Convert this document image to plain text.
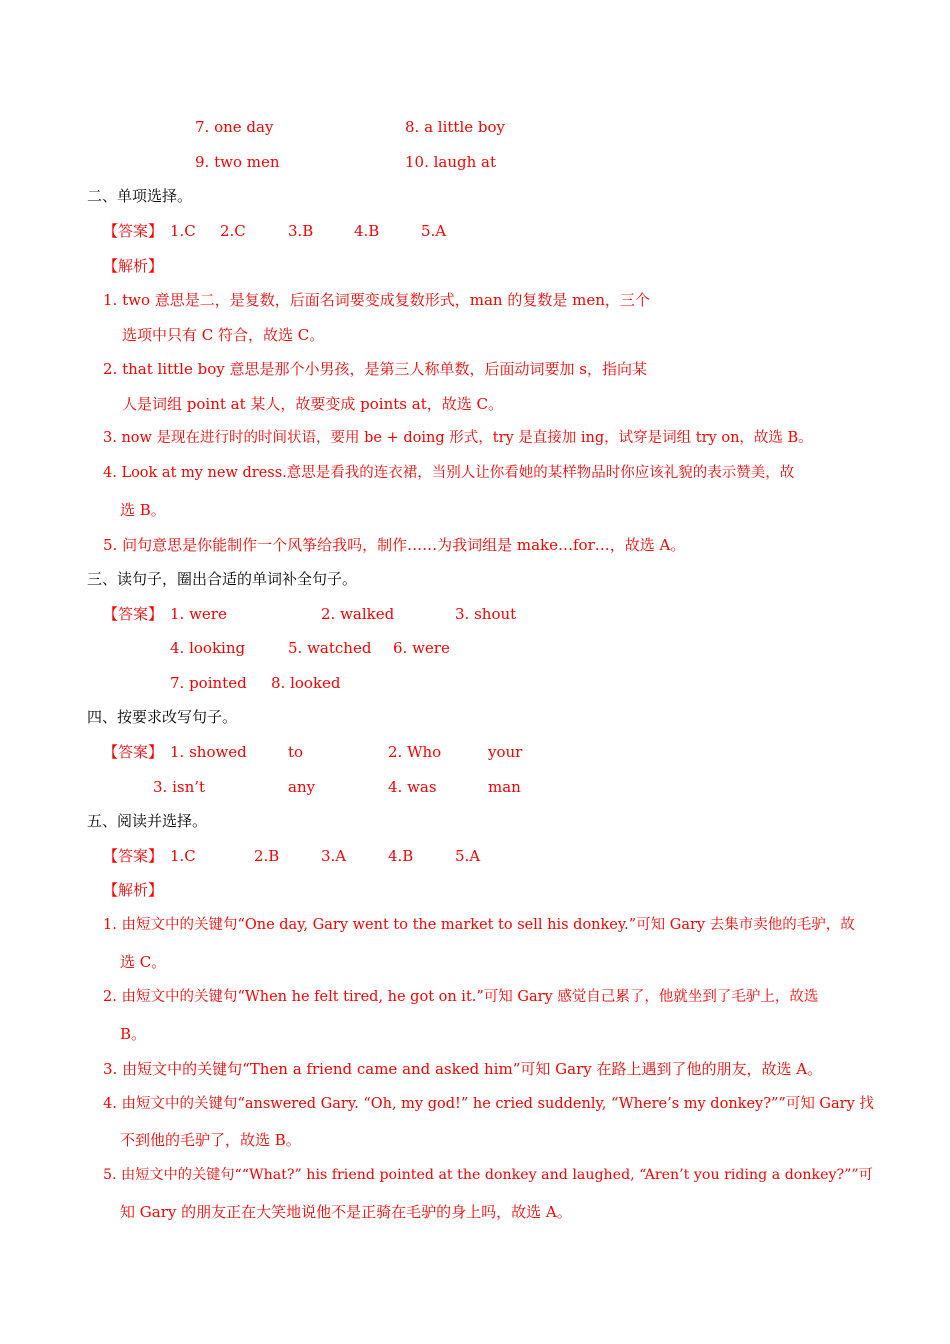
7. one day	8. a little boy
9. two men	10. laugh at
二、单项选择。
【答案】 1.C 2.C	3.B	4.B	5.A
【解析】
1. two 意思是二，是复数，后面名词要变成复数形式，man 的复数是 men，三个
选项中只有 C 符合，故选 C。
2. that little boy 意思是那个小男孩，是第三人称单数，后面动词要加 s，指向某
人是词组 point at 某人，故要变成 points at，故选 C。
3. now 是现在进行时的时间状语，要用 be + doing 形式，try 是直接加 ing，试穿是词组 try on，故选 B。
4. Look at my new dress.意思是看我的连衣裙，当别人让你看她的某样物品时你应该礼貌的表示赞美，故
选 B。
5. 问句意思是你能制作一个风筝给我吗，制作……为我词组是 make…for…，故选 A。
三、读句子，圈出合适的单词补全句子。
【答案】 1. were	2. walked	3. shout
4. looking	5. watched 6. were
7. pointed 8. looked
四、按要求改写句子。
【答案】 1. showed	to	2. Who	your
3. isn’t	any	4. was	man
五、阅读并选择。
【答案】 1.C	2.B	3.A	4.B	5.A
【解析】
1. 由短文中的关键句“One day, Gary went to the market to sell his donkey.”可知 Gary 去集市卖他的毛驴，故
选 C。
2. 由短文中的关键句“When he felt tired, he got on it.”可知 Gary 感觉自己累了，他就坐到了毛驴上，故选
B。
3. 由短文中的关键句“Then a friend came and asked him”可知 Gary 在路上遇到了他的朋友，故选 A。
4. 由短文中的关键句“answered Gary. “Oh, my god!” he cried suddenly, “Where’s my donkey?””可知 Gary 找
不到他的毛驴了，故选 B。
5. 由短文中的关键句““What?” his friend pointed at the donkey and laughed, “Aren’t you riding a donkey?””可
知 Gary 的朋友正在大笑地说他不是正骑在毛驴的身上吗，故选 A。
